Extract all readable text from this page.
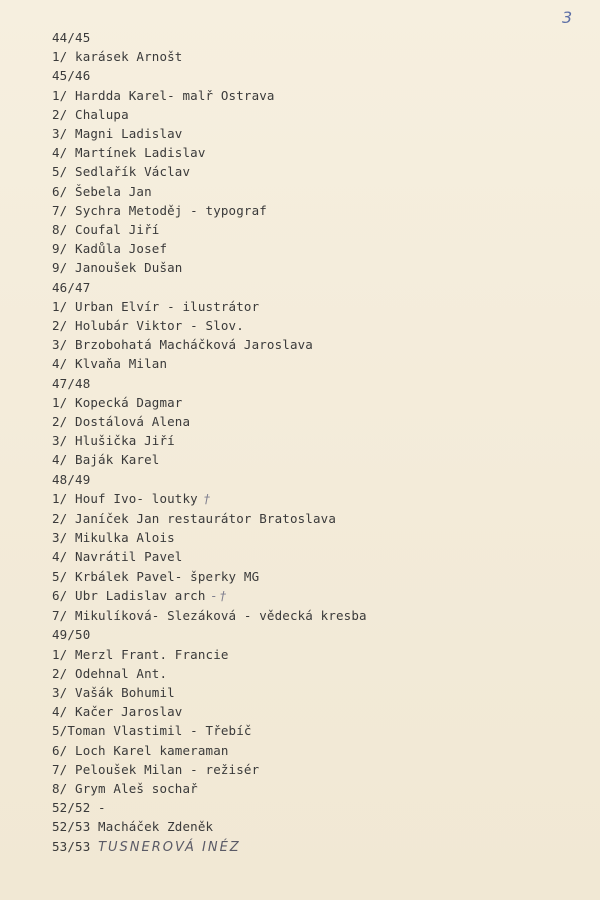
3
44/45
1/ karásek Arnošt
45/46
1/ Hardda Karel- malř Ostrava
2/ Chalupa
3/ Magni Ladislav
4/ Martínek Ladislav
5/ Sedlařík Václav
6/ Šebela Jan
7/ Sychra Metoděj - typograf
8/ Coufal Jiří
9/ Kadůla Josef
9/ Janoušek Dušan
46/47
1/ Urban Elvír - ilustrátor
2/ Holubár Viktor - Slov.
3/ Brzobohatá Macháčková Jaroslava
4/ Klvaňa Milan
47/48
1/ Kopecká Dagmar
2/ Dostálová Alena
3/ Hlušička Jiří
4/ Baják Karel
48/49
1/ Houf Ivo- loutky †
2/ Janíček Jan restaurátor Bratoslava
3/ Mikulka Alois
4/ Navrátil Pavel
5/ Krbálek Pavel- šperky MG
6/ Ubr Ladislav arch - †
7/ Mikulíková- Slezáková - vědecká kresba
49/50
1/ Merzl Frant. Francie
2/ Odehnal Ant.
3/ Vašák Bohumil
4/ Kačer Jaroslav
5/Toman Vlastimil - Třebíč
6/ Loch Karel kameraman
7/ Peloušek Milan - režisér
8/ Grym Aleš sochař
52/52 -
52/53 Macháček Zdeněk
53/53 TUSNEROVÁ INÉZ
